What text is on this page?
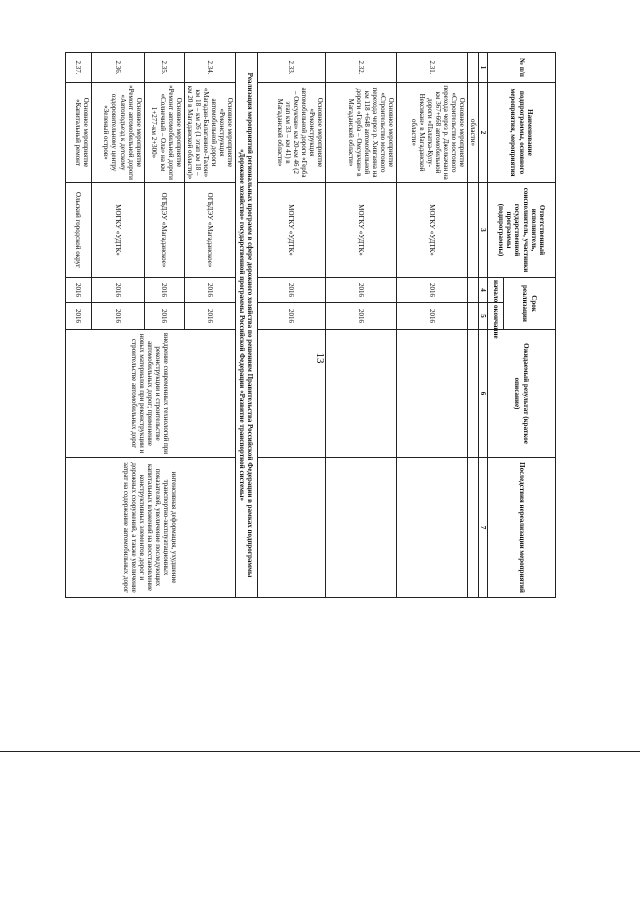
13
№ п/п	Наименование подпрограммы, основного мероприятия, мероприятия	Ответственный исполнитель, соисполнитель, участники государственной программы (подпрограммы)	Срок реализации		Ожидаемый результат (краткое описание)	Последствия нереализации мероприятий
			начало	окончание		
1	2	3	4	5	6	7
	области»					
2.31.	Основное мероприятие «Строительство мостового перехода через р. Джелкачан на км 367+668 автомобильной дороги «Палатка-Кулу-Нексикан» в Магаданской области»	МОГКУ «УДТК»	2016	2016		
2.32.	Основное мероприятие «Строительство мостового перехода через р. Хивгаяна на км 118 +648 автомобильной дороги «Герба – Омсукчан» в Магаданской области»	МОГКУ «УДТК»	2016	2016		
2.33.	Основное мероприятие «Реконструкция автомобильной дороги «Герба – Омсукчан» км 20-км 46 (2 этап км 33 – км 41) в Магаданской области»	МОГКУ «УДТК»	2016	2016		
Реализация мероприятий региональных программ в сфере дорожного хозяйства по решениям Правительства Российской Федерации в рамках подпрограммы «Дорожное хозяйство» государственной программы Российской Федерации «Развитие транспортной системы»						
2.34.	Основное мероприятие «Реконструкция автомобильной дороги «Магадан-Балаганное-Талон» км 18 – км 26 (1 этап км 18 – км 20 в Магаданской области)»	ОГБДЭУ «Магаданское»	2016	2016	внедрение современных технологий при реконструкции и строительстве автомобильных дорог; применение новых материалов при реконструкции и строительстве автомобильных дорог	интенсивная деформация, ухудшение транспортно-эксплуатационных показателей, увеличение последующих капитальных вложений на восстановление конструктивных элементов дорог и дорожных сооружений, а также увеличение затрат на содержание автомобильных дорог
2.35.	Основное мероприятие «Ремонт автомобильной дороги «Солнечный – Ола» на км 1+277-км 2+300»	ОГБДЭУ «Магаданское»	2016	2016		
2.36.	Основное мероприятие «Ремонт автомобильной дороги «Автоподъезд к детскому оздоровительному центру «Зеленый остров»	МОГКУ «УДТК»	2016	2016		
2.37.	Основное мероприятие «Капитальный ремонт	Ольский городской округ	2016	2016		
